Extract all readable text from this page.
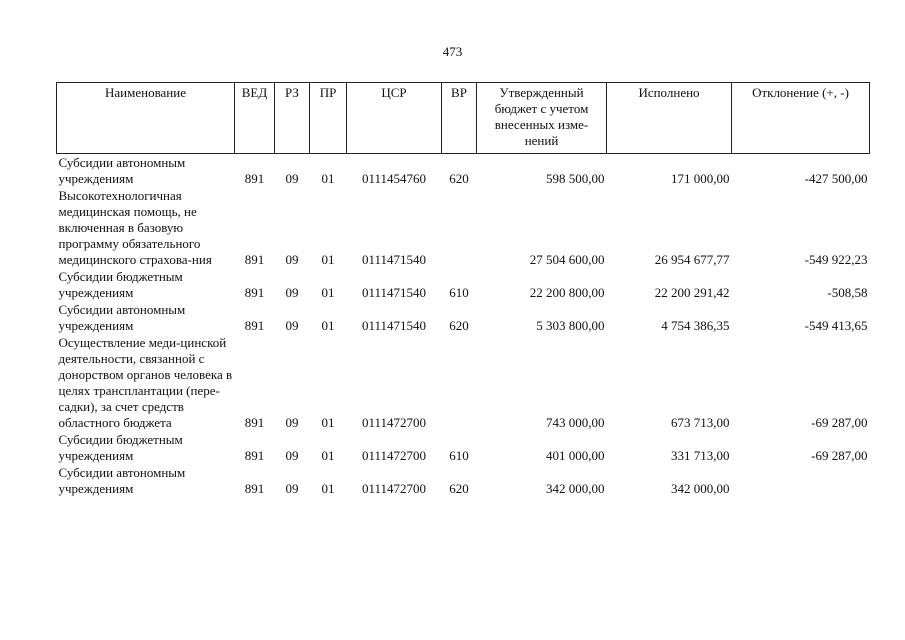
473
Наименование	ВЕД	РЗ	ПР	ЦСР	ВР	Утвержденный бюджет с учетом внесенных изме-нений	Исполнено	Отклонение (+, -)
Субсидии автономным учреждениям	891	09	01	0111454760	620	598 500,00	171 000,00	-427 500,00
Высокотехнологичная медицинская помощь, не включенная в базовую программу обязательного медицинского страхова-ния	891	09	01	0111471540		27 504 600,00	26 954 677,77	-549 922,23
Субсидии бюджетным учреждениям	891	09	01	0111471540	610	22 200 800,00	22 200 291,42	-508,58
Субсидии автономным учреждениям	891	09	01	0111471540	620	5 303 800,00	4 754 386,35	-549 413,65
Осуществление меди-цинской деятельности, связанной с донорством органов человека в целях трансплантации (пере-садки), за счет средств областного бюджета	891	09	01	0111472700		743 000,00	673 713,00	-69 287,00
Субсидии бюджетным учреждениям	891	09	01	0111472700	610	401 000,00	331 713,00	-69 287,00
Субсидии автономным учреждениям	891	09	01	0111472700	620	342 000,00	342 000,00	
